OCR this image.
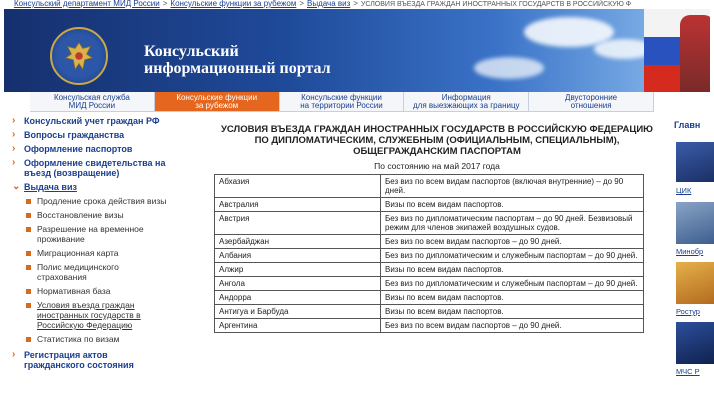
Консульский департамент МИД России > Консульские функции за рубежом > Выдача виз > УСЛОВИЯ ВЪЕЗДА ГРАЖДАН ИНОСТРАННЫХ ГОСУДАРСТВ В РОССИЙСКУЮ Ф
Консульский
информационный портал
Консульская служба
МИД России
Консульские функции
за рубежом
Консульские функции
на территории России
Информация
для выезжающих за границу
Двусторонние
отношения
› Консульский учет граждан РФ
› Вопросы гражданства
› Оформление паспортов
› Оформление свидетельства на въезд (возвращение)
⌄ Выдача виз
Продление срока действия визы
Восстановление визы
Разрешение на временное проживание
Миграционная карта
Полис медицинского страхования
Нормативная база
Условия въезда граждан иностранных государств в Российскую Федерацию
Статистика по визам
› Регистрация актов гражданского состояния
УСЛОВИЯ ВЪЕЗДА ГРАЖДАН ИНОСТРАННЫХ ГОСУДАРСТВ В РОССИЙСКУЮ ФЕДЕРАЦИЮ ПО ДИПЛОМАТИЧЕСКИМ, СЛУЖЕБНЫМ (ОФИЦИАЛЬНЫМ, СПЕЦИАЛЬНЫМ), ОБЩЕГРАЖДАНСКИМ ПАСПОРТАМ
По состоянию на май 2017 года
Абхазия	Без виз по всем видам паспортов (включая внутренние) – до 90 дней.
Австралия	Визы по всем видам паспортов.
Австрия	Без виз по дипломатическим паспортам – до 90 дней. Безвизовый режим для членов экипажей воздушных судов.
Азербайджан	Без виз по всем видам паспортов – до 90 дней.
Албания	Без виз по дипломатическим и служебным паспортам – до 90 дней.
Алжир	Визы по всем видам паспортов.
Ангола	Без виз по дипломатическим и служебным паспортам – до 90 дней.
Андорра	Визы по всем видам паспортов.
Антигуа и Барбуда	Визы по всем видам паспортов.
Аргентина	Без виз по всем видам паспортов – до 90 дней.
Главн
ЦИК
Минобр
Ростур
МЧС Р
